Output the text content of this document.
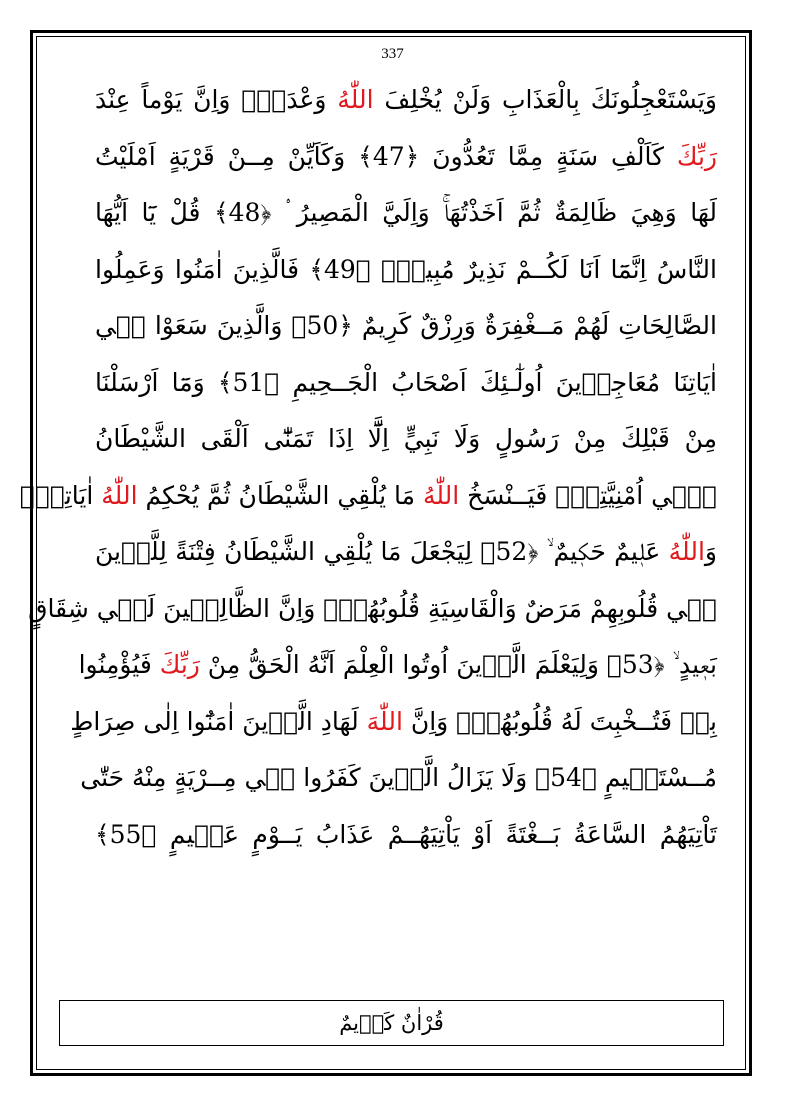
337
وَيَسْتَعْجِلُونَكَ بِالْعَذَابِ وَلَنْ يُخْلِفَ اللّٰهُ وَعْدَهُۜ وَاِنَّ يَوْماً عِنْدَ
رَبِّكَ كَاَلْفِ سَنَةٍ مِمَّا تَعُدُّونَ ﴿47﴾ وَكَاَيِّنْ مِــنْ قَرْيَةٍ اَمْلَيْتُ
لَهَا وَهِيَ ظَالِمَةٌ ثُمَّ اَخَذْتُهَاۚ وَاِلَيَّ الْمَصِيرُ ۟ ﴿48﴾ قُلْ يَٓا اَيُّهَا
النَّاسُ اِنَّمَٓا اَنَا لَكُــمْ نَذِيرٌ مُبِينٌۚ ﴿49﴾ فَالَّذِينَ اٰمَنُوا وَعَمِلُوا
الصَّالِحَاتِ لَهُمْ مَــغْفِرَةٌ وَرِزْقٌ كَرِيمٌ ﴿50﴾ وَالَّذِينَ سَعَوْا فٖي
اٰيَاتِنَا مُعَاجِزٖينَ اُولٰٓـئِكَ اَصْحَابُ الْجَــحِيمِ ﴿51﴾ وَمَٓا اَرْسَلْنَا
مِنْ قَبْلِكَ مِنْ رَسُولٍ وَلَا نَبِيٍّ اِلَّٓا اِذَا تَمَنّٰٓى اَلْقَى الشَّيْطَانُ
فٖٓي اُمْنِيَّتِهٖۚ فَيَــنْسَخُ اللّٰهُ مَا يُلْقِي الشَّيْطَانُ ثُمَّ يُحْكِمُ اللّٰهُ اٰيَاتِهٖۜ
وَاللّٰهُ عَلٖيمٌ حَكٖيمٌ ۙ ﴿52﴾ لِيَجْعَلَ مَا يُلْقِي الشَّيْطَانُ فِتْنَةً لِلَّذٖينَ
فٖي قُلُوبِهِمْ مَرَضٌ وَالْقَاسِيَةِ قُلُوبُهُمْۜ وَاِنَّ الظَّالِمٖينَ لَفٖي شِقَاقٍ
بَعٖيدٍ ۙ ﴿53﴾ وَلِيَعْلَمَ الَّذٖينَ اُوتُوا الْعِلْمَ اَنَّهُ الْحَقُّ مِنْ رَبِّكَ فَيُؤْمِنُوا
بِهٖ فَتُــخْبِتَ لَهُ قُلُوبُهُمْۜ وَاِنَّ اللّٰهَ لَهَادِ الَّذٖينَ اٰمَنُٓوا اِلٰى صِرَاطٍ
مُــسْتَقٖيمٍ ﴿54﴾ وَلَا يَزَالُ الَّذٖينَ كَفَرُوا فٖي مِــرْيَةٍ مِنْهُ حَتّٰى
تَاْتِيَهُمُ السَّاعَةُ بَــغْتَةً اَوْ يَاْتِيَهُــمْ عَذَابُ يَــوْمٍ عَقٖيمٍ ﴿55﴾
قُرْاٰنٌ كَرٖيمٌ
